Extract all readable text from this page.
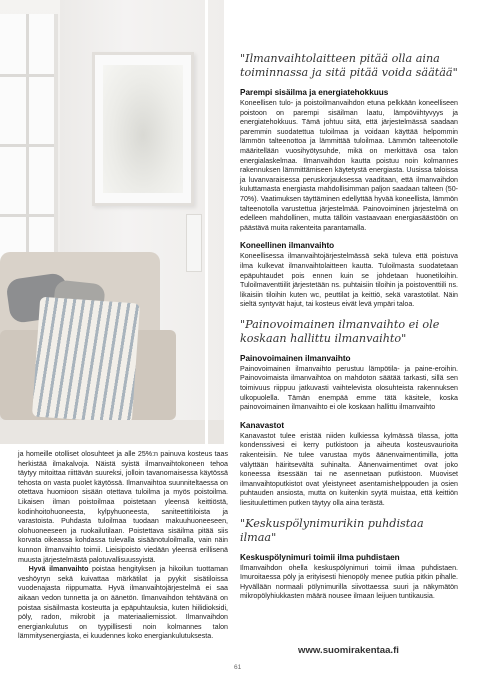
ja homeille otolliset olosuhteet ja alle 25%:n painuva kosteus taas herkistää ilmakalvoja. Näistä syistä ilmanvaihtokoneen tehoa täytyy mitoittaa riittävän suureksi, jolloin tavanomaisessa käytössä tehosta on vasta puolet käytössä. Ilmanvaihtoa suunniteltaessa on otettava huomioon sisään otettava tuloilma ja myös poistoilma. Likaisen ilman poistoilmaa poistetaan yleensä keittiöstä, kodinhoitohuoneesta, kylpyhuoneesta, saniteettitiloista ja varastoista. Puhdasta tuloilmaa tuodaan makuuhuoneeseen, olohuoneeseen ja ruokailutilaan. Poistettava sisäilma pitää siis korvata oikeassa kohdassa tulevalla sisäänotuloilmalla, vain näin kunnon ilmanvaihto toimii. Lieisipoisto viedään yleensä erillisenä muusta järjestelmästä palotuvallisuussyistä.
Hyvä ilmanvaihto poistaa hengityksen ja hikoilun tuottaman veshöyryn sekä kuivattaa märkätilat ja pyykit sisätiloissa vuodenajasta riippumatta. Hyvä ilmanvaihtojärjestelmä ei saa aikaan vedon tunnetta ja on äänetön. Ilmanvaihdon tehtävänä on poistaa sisäilmasta kosteutta ja epäpuhtauksia, kuten hiilidioksidi, pöly, radon, mikrobit ja materiaaliemissiot. Ilmanvaihdon energiankulutus on tyypillisesti noin kolmannes talon lämmitysenergiasta, ei kuudennes koko energiankulutuksesta.
"Ilmanvaihtolaitteen pitää olla aina toiminnassa ja sitä pitää voida säätää"
Parempi sisäilma ja energiatehokkuus

Koneellisen tulo- ja poistoilmanvaihdon etuna pelkkään koneelliseen poistoon on parempi sisäilman laatu, lämpöviihtyvyys ja energiatehokkuus. Tämä johtuu siitä, että järjestelmässä saadaan paremmin suodatettua tuloilmaa ja voidaan käyttää helpommin lämmön talteenottoa ja lämmittää tuloilmaa. Lämmön talteenotolle määritellään vuosihyötysuhde, mikä on merkittävä osa talon energialaskelmaa. Ilmanvaihdon kautta poistuu noin kolmannes rakennuksen lämmittämiseen käytetystä energiasta. Uusissa taloissa ja luvanvaraisessa peruskorjauksessa vaaditaan, että ilmanvaihdon kuluttamasta energiasta mahdollisimman paljon saadaan talteen (50-70%). Vaatimuksen täyttäminen edellyttää hyvää koneellista, lämmön talteenotolla varustettua järjestelmää. Painovoiminen järjestelmä on edelleen mahdollinen, mutta tällöin vastaavaan energiasäästöön on päästävä muita rakenteita parantamalla.

Koneellinen ilmanvaihto

Koneellisessa ilmanvaihtojärjestelmässä sekä tuleva että poistuva ilma kulkevat ilmanvaihtolaitteen kautta. Tuloilmasta suodatetaan epäpuhtaudet pois ennen kuin se johdetaan huonetiloihin. Tuloilmaventtiilit järjestetään ns. puhtaisiin tiloihin ja poistoventtiili ns. likaisiin tiloihin kuten wc, peuttilat ja keittiö, sekä varastotilat. Näin sieltä syntyvät hajut, tai kosteus eivät levä ympäri taloa.

"Painovoimainen ilmanvaihto ei ole koskaan hallittu ilmanvaihto"
Painovoimainen ilmanvaihto

Painovoimainen ilmanvaihto perustuu lämpötila- ja paine-eroihin. Painovoimaista ilmanvaihtoa on mahdoton säätää tarkasti, sillä sen toimivuus riippuu jatkuvasti vaihtelevista olosuhteista rakennuksen ulkopuolella. Tämän enempää emme tätä käsitele, koska painovoimainen ilmanvaihto ei ole koskaan hallittu ilmanvaihto

Kanavastot

Kanavastot tulee eristää niiden kulkiessa kylmässä tilassa, jotta kondenssivesi ei kerry putkistoon ja aiheuta kosteusvaurioita rakenteisiin. Ne tulee varustaa myös äänenvaimentimilla, jotta välyttään häiritsevältä suhinalta. Äänenvaimentimet ovat joko koneessa itsessään tai ne asennetaan putkistoon. Muoviset ilmanvaihtoputkistot ovat yleistyneet asentamishelppouden ja osien puhtauden ansiosta, mutta on kuitenkin syytä muistaa, että keittiön liesituulettimen putken täytyy olla aina terästä.

"Keskuspölynimurikin puhdistaa ilmaa"
Keskuspölynimuri toimii ilma puhdistaen

Ilmanvaihdon ohella keskuspölynimuri toimii ilmaa puhdistaen. Imuroitaessa pöly ja erityisesti hienopöly menee putkia pitkin pihalle. Hyvällään normaali pölynimurilla siivottaessa suuri ja näkymätön mikropölyhiukkasten määrä nousee ilmaan leijuen tuntikausia.

www.suomirakentaa.fi
61
